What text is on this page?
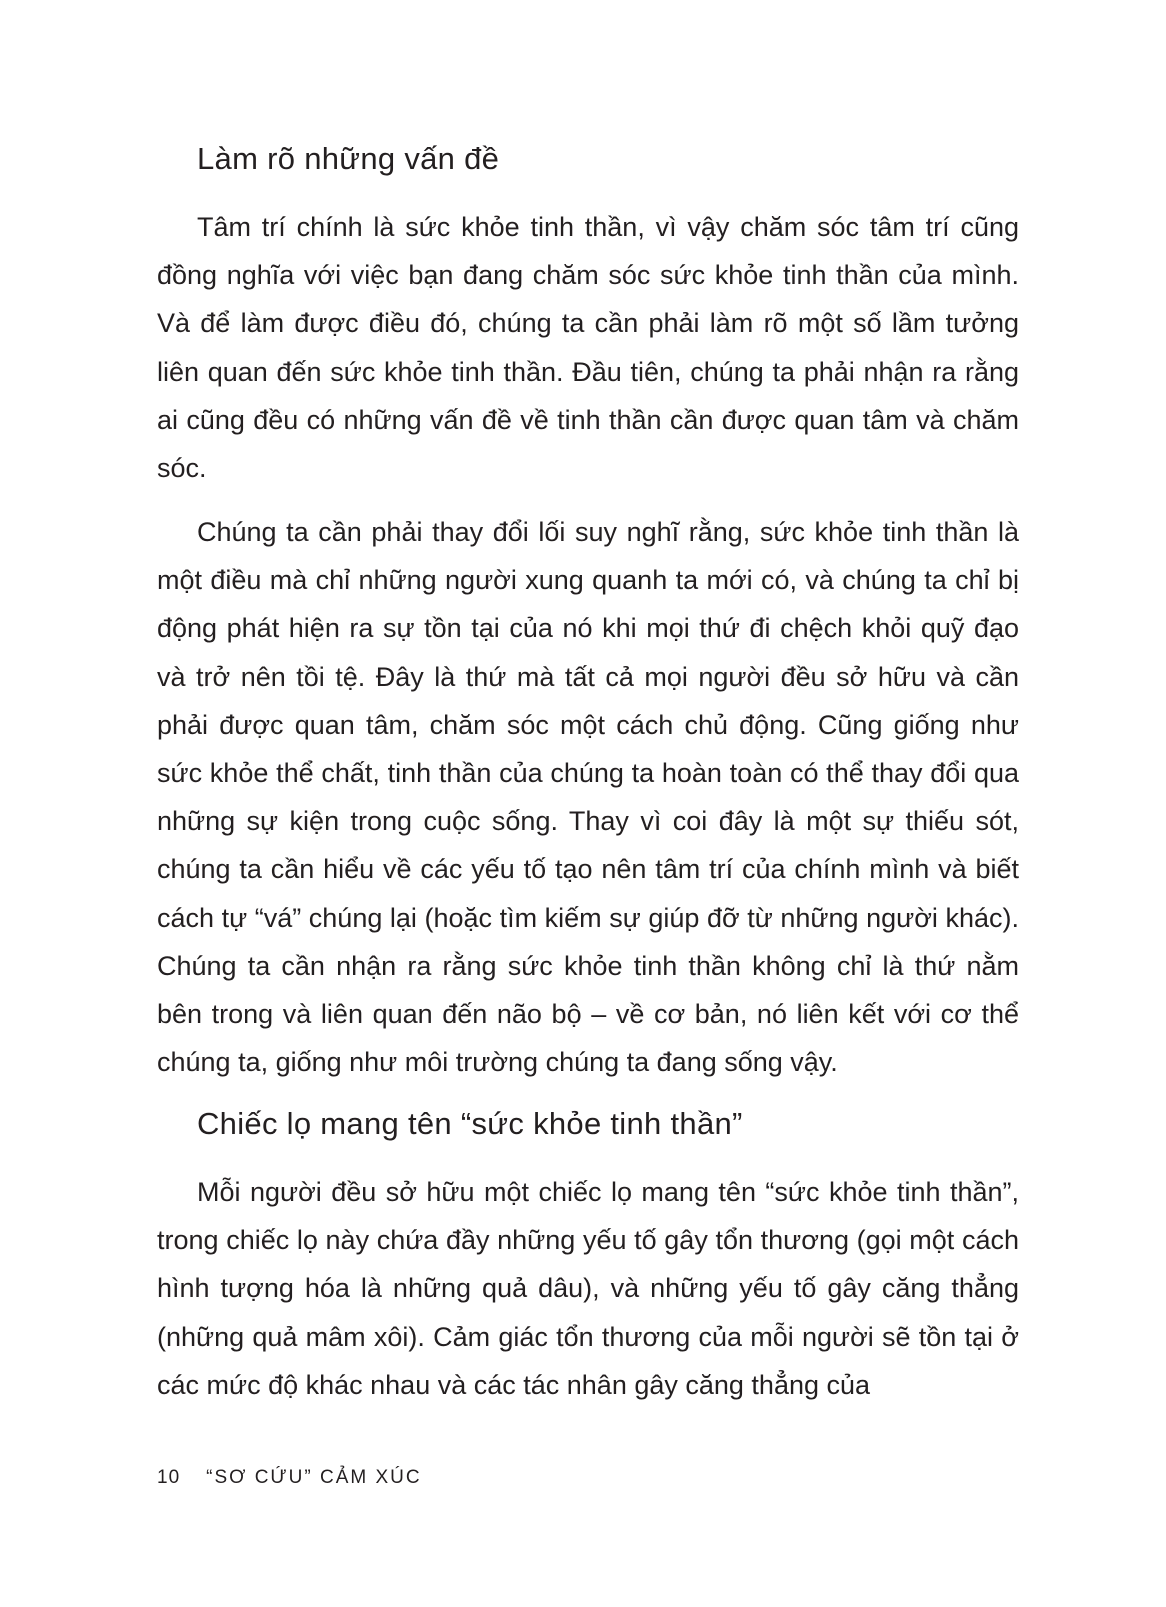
Làm rõ những vấn đề

Tâm trí chính là sức khỏe tinh thần, vì vậy chăm sóc tâm trí cũng đồng nghĩa với việc bạn đang chăm sóc sức khỏe tinh thần của mình. Và để làm được điều đó, chúng ta cần phải làm rõ một số lầm tưởng liên quan đến sức khỏe tinh thần. Đầu tiên, chúng ta phải nhận ra rằng ai cũng đều có những vấn đề về tinh thần cần được quan tâm và chăm sóc.

Chúng ta cần phải thay đổi lối suy nghĩ rằng, sức khỏe tinh thần là một điều mà chỉ những người xung quanh ta mới có, và chúng ta chỉ bị động phát hiện ra sự tồn tại của nó khi mọi thứ đi chệch khỏi quỹ đạo và trở nên tồi tệ. Đây là thứ mà tất cả mọi người đều sở hữu và cần phải được quan tâm, chăm sóc một cách chủ động. Cũng giống như sức khỏe thể chất, tinh thần của chúng ta hoàn toàn có thể thay đổi qua những sự kiện trong cuộc sống. Thay vì coi đây là một sự thiếu sót, chúng ta cần hiểu về các yếu tố tạo nên tâm trí của chính mình và biết cách tự “vá” chúng lại (hoặc tìm kiếm sự giúp đỡ từ những người khác). Chúng ta cần nhận ra rằng sức khỏe tinh thần không chỉ là thứ nằm bên trong và liên quan đến não bộ – về cơ bản, nó liên kết với cơ thể chúng ta, giống như môi trường chúng ta đang sống vậy.

Chiếc lọ mang tên “sức khỏe tinh thần”

Mỗi người đều sở hữu một chiếc lọ mang tên “sức khỏe tinh thần”, trong chiếc lọ này chứa đầy những yếu tố gây tổn thương (gọi một cách hình tượng hóa là những quả dâu), và những yếu tố gây căng thẳng (những quả mâm xôi). Cảm giác tổn thương của mỗi người sẽ tồn tại ở các mức độ khác nhau và các tác nhân gây căng thẳng của

10 “SƠ CỨU” CẢM XÚC
